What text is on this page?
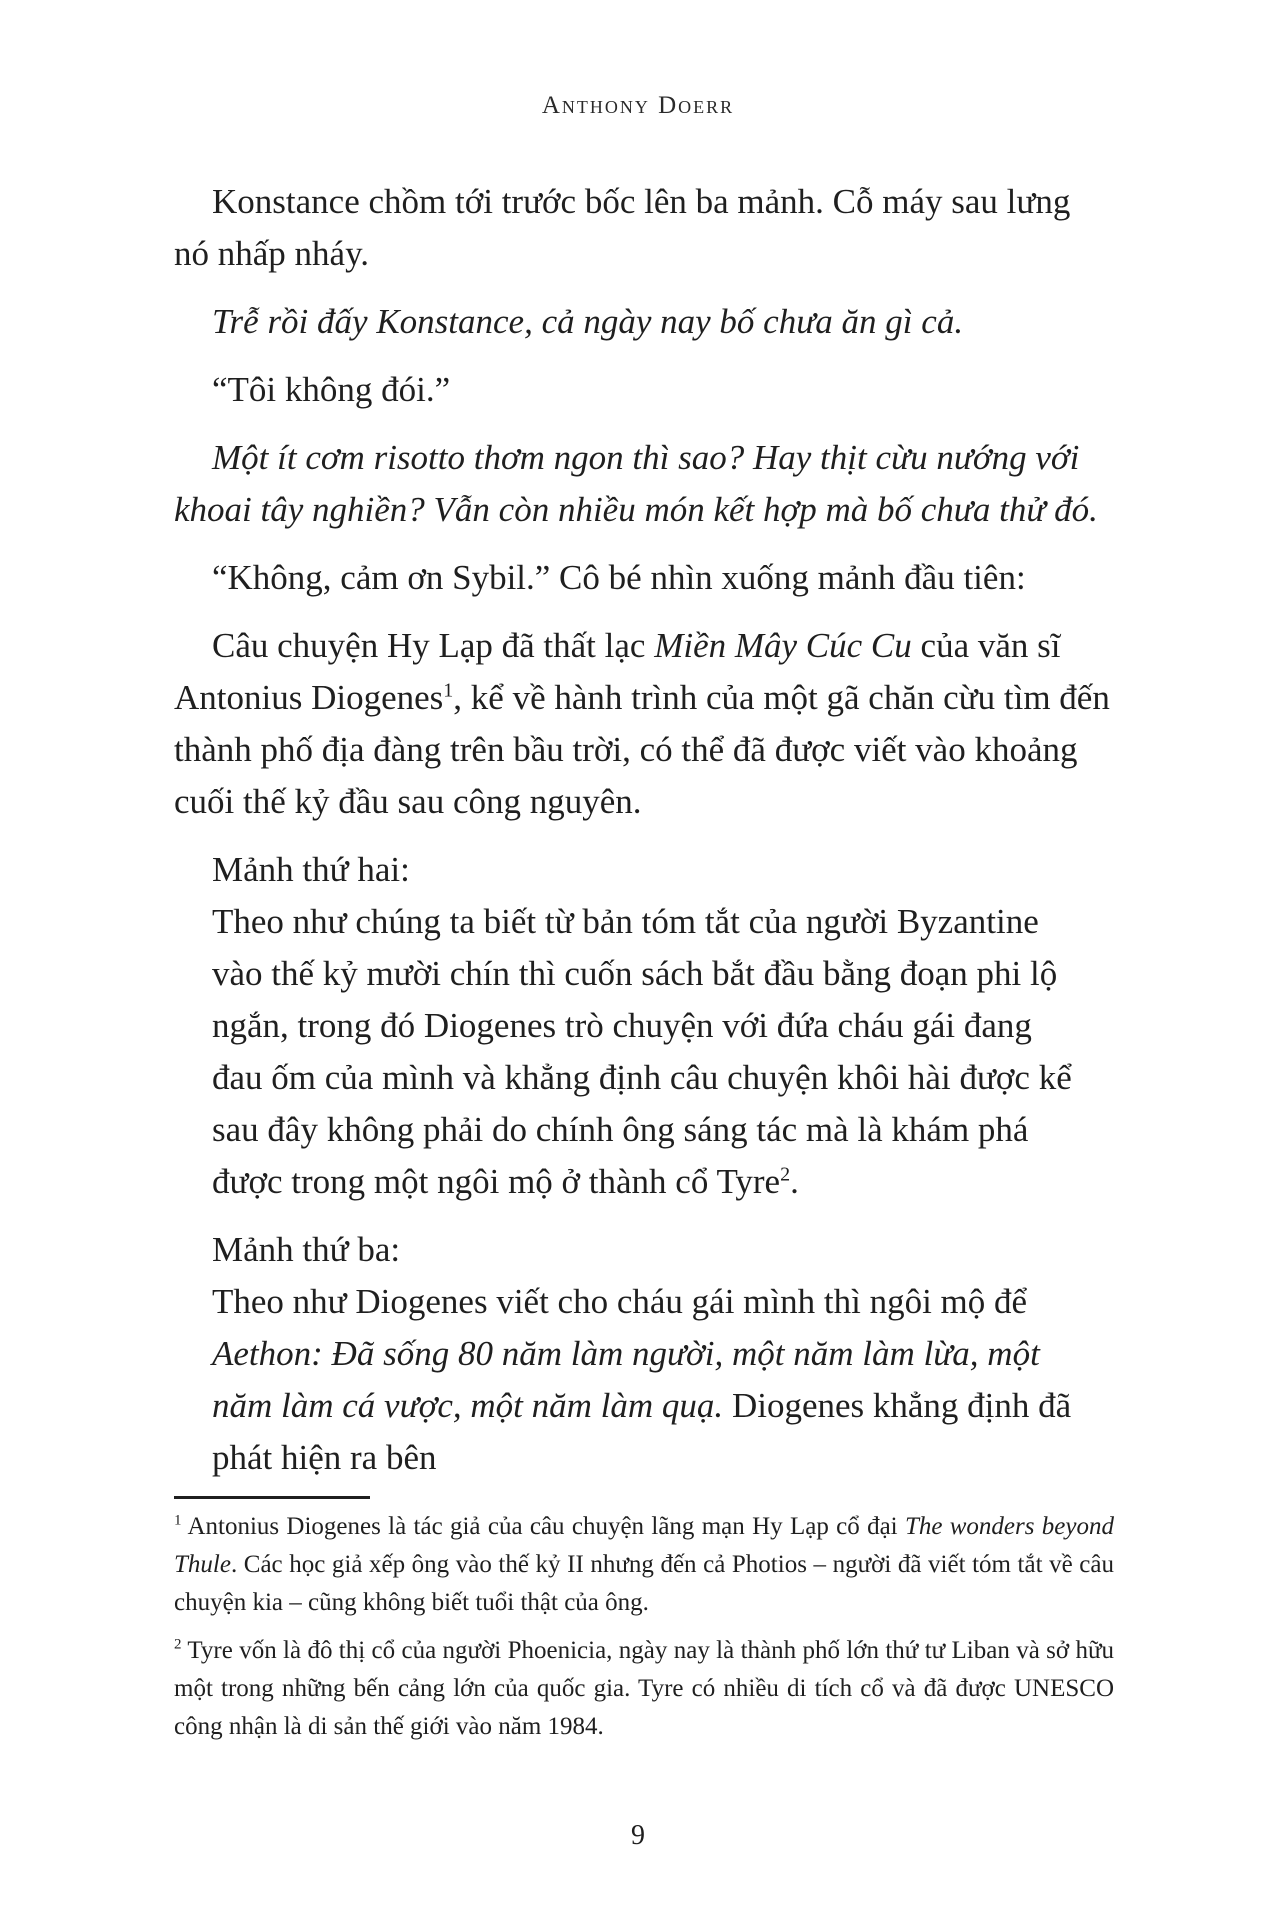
Anthony Doerr

Konstance chồm tới trước bốc lên ba mảnh. Cỗ máy sau lưng nó nhấp nháy.

Trễ rồi đấy Konstance, cả ngày nay bố chưa ăn gì cả.

“Tôi không đói.”

Một ít cơm risotto thơm ngon thì sao? Hay thịt cừu nướng với khoai tây nghiền? Vẫn còn nhiều món kết hợp mà bố chưa thử đó.

“Không, cảm ơn Sybil.” Cô bé nhìn xuống mảnh đầu tiên:

Câu chuyện Hy Lạp đã thất lạc Miền Mây Cúc Cu của văn sĩ Antonius Diogenes$^1$, kể về hành trình của một gã chăn cừu tìm đến thành phố địa đàng trên bầu trời, có thể đã được viết vào khoảng cuối thế kỷ đầu sau công nguyên.

Mảnh thứ hai:

Theo như chúng ta biết từ bản tóm tắt của người Byzantine vào thế kỷ mười chín thì cuốn sách bắt đầu bằng đoạn phi lộ ngắn, trong đó Diogenes trò chuyện với đứa cháu gái đang đau ốm của mình và khẳng định câu chuyện khôi hài được kể sau đây không phải do chính ông sáng tác mà là khám phá được trong một ngôi mộ ở thành cổ Tyre$^2$.

Mảnh thứ ba:

Theo như Diogenes viết cho cháu gái mình thì ngôi mộ để Aethon: Đã sống 80 năm làm người, một năm làm lừa, một năm làm cá vược, một năm làm quạ. Diogenes khẳng định đã phát hiện ra bên

$^1$ Antonius Diogenes là tác giả của câu chuyện lãng mạn Hy Lạp cổ đại The wonders beyond Thule. Các học giả xếp ông vào thế kỷ II nhưng đến cả Photios – người đã viết tóm tắt về câu chuyện kia – cũng không biết tuổi thật của ông.

$^2$ Tyre vốn là đô thị cổ của người Phoenicia, ngày nay là thành phố lớn thứ tư Liban và sở hữu một trong những bến cảng lớn của quốc gia. Tyre có nhiều di tích cổ và đã được UNESCO công nhận là di sản thế giới vào năm 1984.

9
